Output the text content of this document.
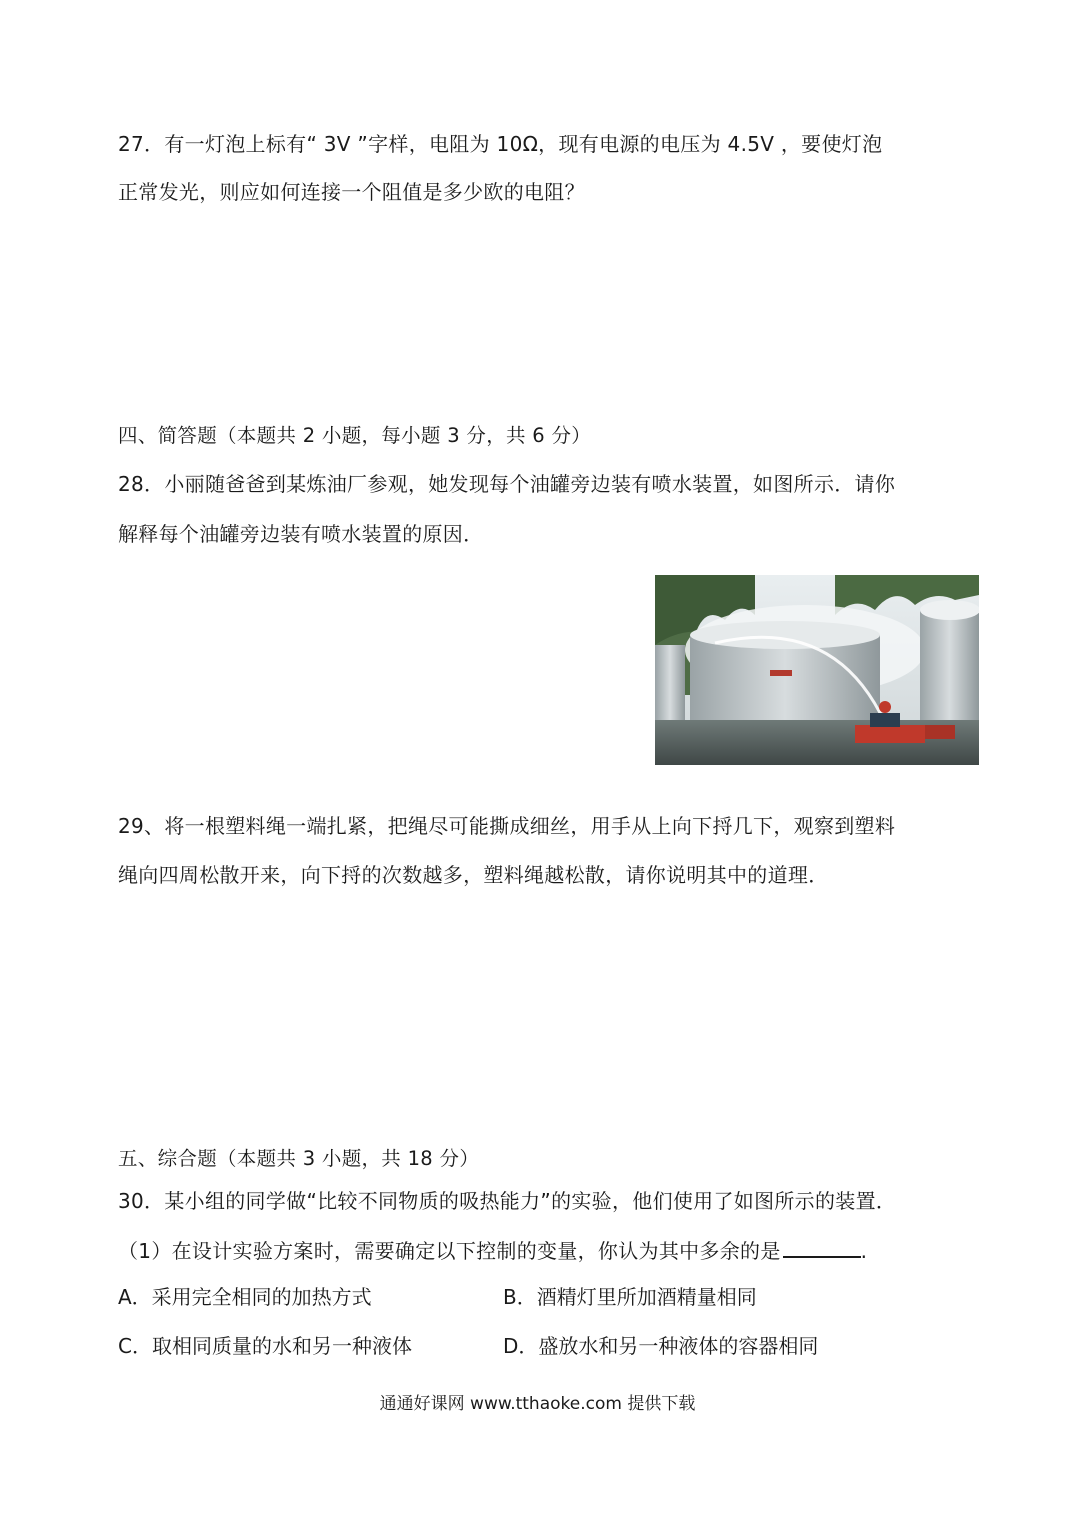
27．有一灯泡上标有“ 3V ”字样，电阻为 10Ω，现有电源的电压为 4.5V ，要使灯泡
正常发光，则应如何连接一个阻值是多少欧的电阻？
四、简答题（本题共 2 小题，每小题 3 分，共 6 分）
28．小丽随爸爸到某炼油厂参观，她发现每个油罐旁边装有喷水装置，如图所示．请你
解释每个油罐旁边装有喷水装置的原因．
29、将一根塑料绳一端扎紧，把绳尽可能撕成细丝，用手从上向下捋几下，观察到塑料
绳向四周松散开来，向下捋的次数越多，塑料绳越松散，请你说明其中的道理．
五、综合题（本题共 3 小题，共 18 分）
30．某小组的同学做“比较不同物质的吸热能力”的实验，他们使用了如图所示的装置．
（1）在设计实验方案时，需要确定以下控制的变量，你认为其中多余的是	.
A．采用完全相同的加热方式	B．酒精灯里所加酒精量相同
C．取相同质量的水和另一种液体	D．盛放水和另一种液体的容器相同
通通好课网 www.tthaoke.com 提供下载
